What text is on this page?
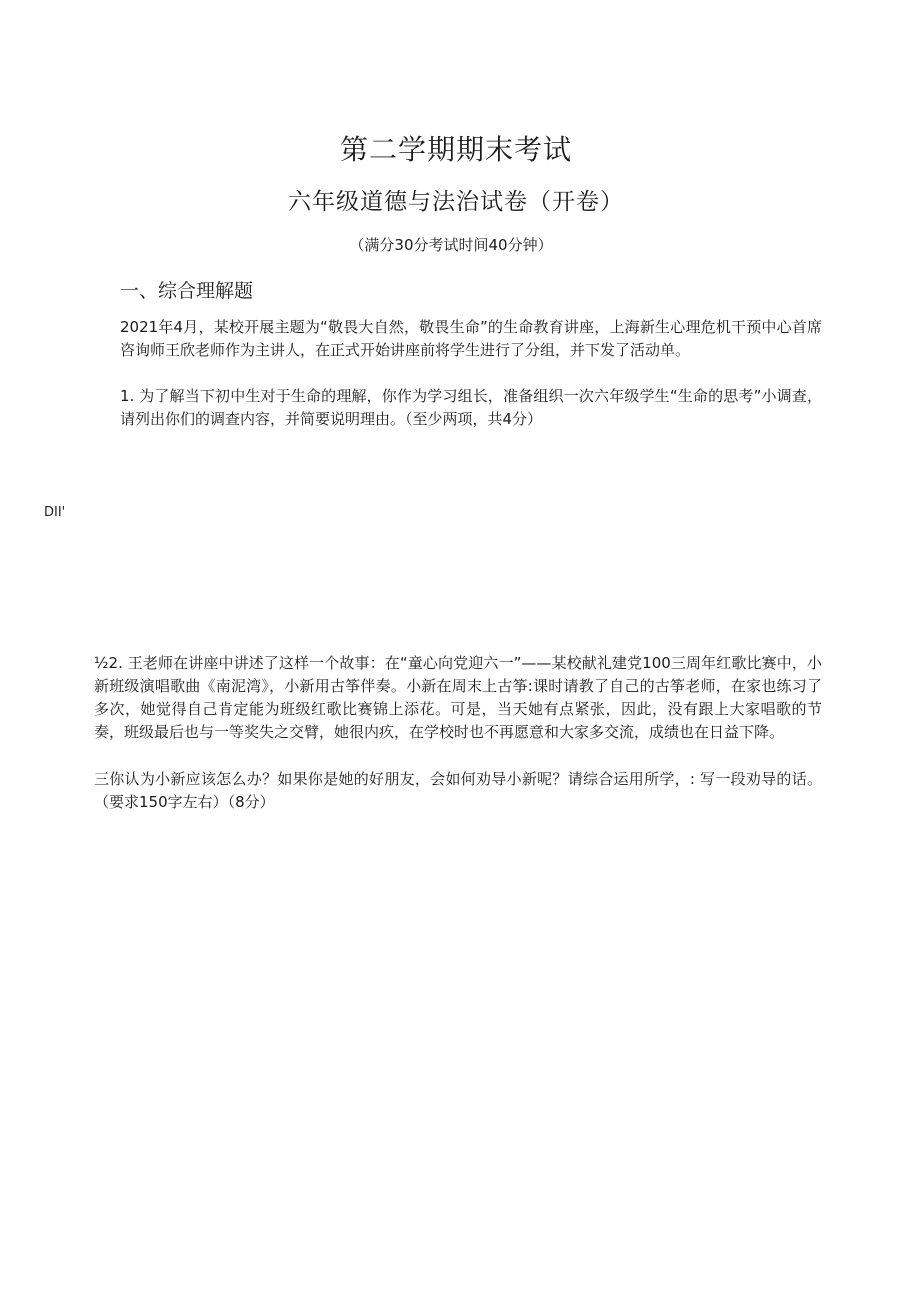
第二学期期末考试
六年级道德与法治试卷（开卷）

（满分30分考试时间40分钟）

一、综合理解题

2021年4月，某校开展主题为“敬畏大自然，敬畏生命”的生命教育讲座，上海新生心理危机干预中心首席咨询师王欣老师作为主讲人，在正式开始讲座前将学生进行了分组，并下发了活动单。

1. 为了解当下初中生对于生命的理解，你作为学习组长，准备组织一次六年级学生“生命的思考”小调查，请列出你们的调查内容，并简要说明理由。（至少两项，共4分）

DII'

½2. 王老师在讲座中讲述了这样一个故事：在“童心向党迎六一”——某校献礼建党100三周年红歌比赛中，小新班级演唱歌曲《南泥湾》，小新用古筝伴奏。小新在周末上古筝:课时请教了自己的古筝老师，在家也练习了多次，她觉得自己肯定能为班级红歌比赛锦上添花。可是，当天她有点紧张，因此，没有跟上大家唱歌的节奏，班级最后也与一等奖失之交臂，她很内疚，在学校时也不再愿意和大家多交流，成绩也在日益下降。

三你认为小新应该怎么办？如果你是她的好朋友，会如何劝导小新呢？请综合运用所学，: 写一段劝导的话。（要求150字左右）（8分）
